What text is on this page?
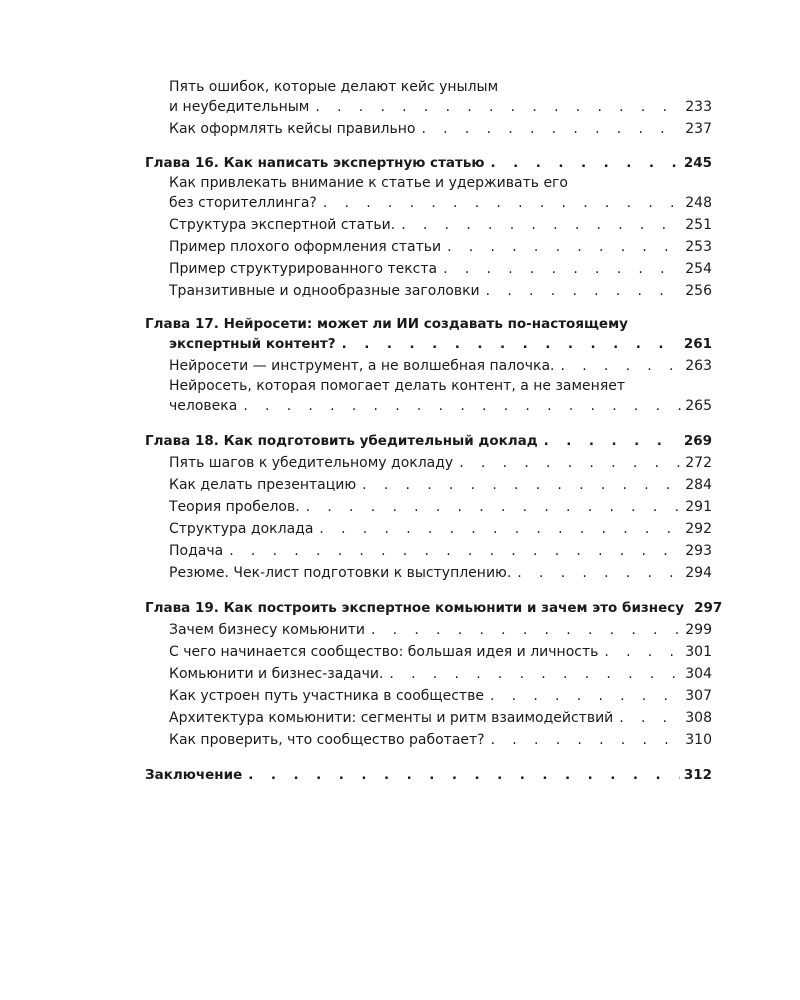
Пять ошибок, которые делают кейс унылым
и неубедительным . . .	233
Как оформлять кейсы правильно . . .	237
Глава 16. Как написать экспертную статью . . .	245
Как привлекать внимание к статье и удерживать его
без сторителлинга? . . .	248
Структура экспертной статьи. . . .	251
Пример плохого оформления статьи . . .	253
Пример структурированного текста . . .	254
Транзитивные и однообразные заголовки . . .	256
Глава 17. Нейросети: может ли ИИ создавать по-настоящему
экспертный контент? . . .	261
Нейросети — инструмент, а не волшебная палочка. . . .	263
Нейросеть, которая помогает делать контент, а не заменяет
человека . . .	265
Глава 18. Как подготовить убедительный доклад . . .	269
Пять шагов к убедительному докладу . . .	272
Как делать презентацию . . .	284
Теория пробелов. . . .	291
Структура доклада . . .	292
Подача . . .	293
Резюме. Чек-лист подготовки к выступлению. . . .	294
Глава 19. Как построить экспертное комьюнити и зачем это бизнесу 297
Зачем бизнесу комьюнити . . .	299
С чего начинается сообщество: большая идея и личность . . .	301
Комьюнити и бизнес-задачи. . . .	304
Как устроен путь участника в сообществе . . .	307
Архитектура комьюнити: сегменты и ритм взаимодействий . . .	308
Как проверить, что сообщество работает? . . .	310
Заключение . . .	312
